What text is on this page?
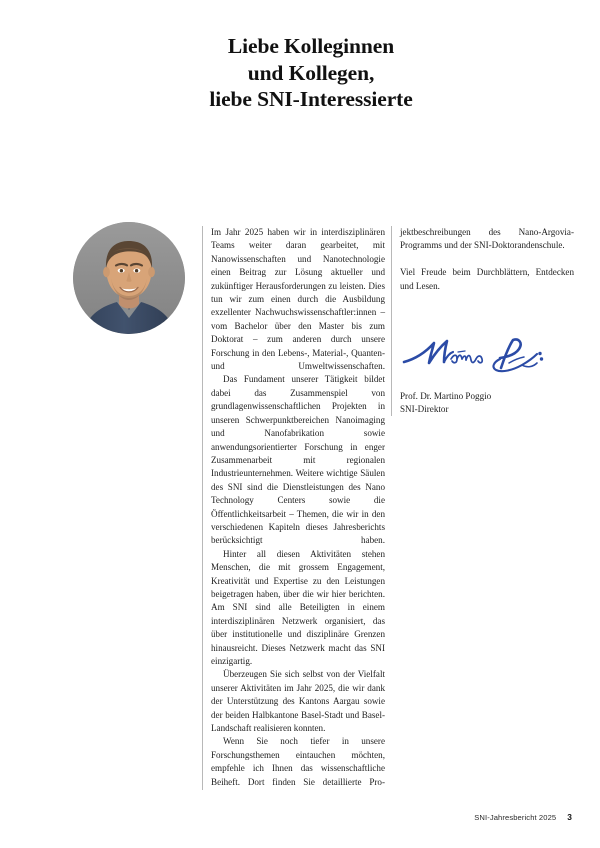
Liebe Kolleginnen
und Kollegen,
liebe SNI-Interessierte

Im Jahr 2025 haben wir in interdisziplinären Teams weiter daran gearbeitet, mit Nanowissenschaften und Nanotechnologie einen Beitrag zur Lösung aktueller und zukünftiger Herausforderungen zu leisten. Dies tun wir zum einen durch die Ausbildung exzellenter Nachwuchswissenschaftler:innen – vom Bachelor über den Master bis zum Doktorat – zum anderen durch unsere Forschung in den Lebens-, Material-, Quanten- und Umweltwissenschaften.

Das Fundament unserer Tätigkeit bildet dabei das Zusammenspiel von grundlagenwissenschaftlichen Projekten in unseren Schwerpunktbereichen Nanoimaging und Nanofabrikation sowie anwendungsorientierter Forschung in enger Zusammenarbeit mit regionalen Industrieunternehmen. Weitere wichtige Säulen des SNI sind die Dienstleistungen des Nano Technology Centers sowie die Öffentlichkeitsarbeit – Themen, die wir in den verschiedenen Kapiteln dieses Jahresberichts berücksichtigt haben.

Hinter all diesen Aktivitäten stehen Menschen, die mit grossem Engagement, Kreativität und Expertise zu den Leistungen beigetragen haben, über die wir hier berichten. Am SNI sind alle Beteiligten in einem interdisziplinären Netzwerk organisiert, das über institutionelle und disziplinäre Grenzen hinausreicht. Dieses Netzwerk macht das SNI einzigartig.

Überzeugen Sie sich selbst von der Vielfalt unserer Aktivitäten im Jahr 2025, die wir dank der Unterstützung des Kantons Aargau sowie der beiden Halbkantone Basel-Stadt und Basel-Landschaft realisieren konnten.

Wenn Sie noch tiefer in unsere Forschungsthemen eintauchen möchten, empfehle ich Ihnen das wissenschaftliche Beiheft. Dort finden Sie detaillierte Pro-

jektbeschreibungen des Nano-Argovia-Programms und der SNI-Doktorandenschule.

Viel Freude beim Durchblättern, Entdecken und Lesen.

Prof. Dr. Martino Poggio
SNI-Direktor
SNI-Jahresbericht 2025 3
